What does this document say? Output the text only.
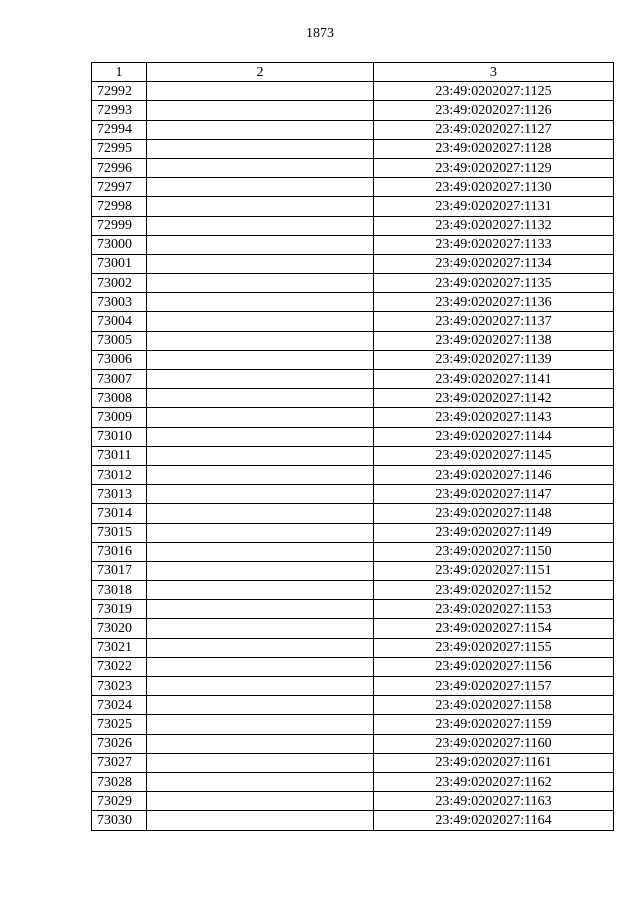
1873
1	2	3
72992		23:49:0202027:1125
72993		23:49:0202027:1126
72994		23:49:0202027:1127
72995		23:49:0202027:1128
72996		23:49:0202027:1129
72997		23:49:0202027:1130
72998		23:49:0202027:1131
72999		23:49:0202027:1132
73000		23:49:0202027:1133
73001		23:49:0202027:1134
73002		23:49:0202027:1135
73003		23:49:0202027:1136
73004		23:49:0202027:1137
73005		23:49:0202027:1138
73006		23:49:0202027:1139
73007		23:49:0202027:1141
73008		23:49:0202027:1142
73009		23:49:0202027:1143
73010		23:49:0202027:1144
73011		23:49:0202027:1145
73012		23:49:0202027:1146
73013		23:49:0202027:1147
73014		23:49:0202027:1148
73015		23:49:0202027:1149
73016		23:49:0202027:1150
73017		23:49:0202027:1151
73018		23:49:0202027:1152
73019		23:49:0202027:1153
73020		23:49:0202027:1154
73021		23:49:0202027:1155
73022		23:49:0202027:1156
73023		23:49:0202027:1157
73024		23:49:0202027:1158
73025		23:49:0202027:1159
73026		23:49:0202027:1160
73027		23:49:0202027:1161
73028		23:49:0202027:1162
73029		23:49:0202027:1163
73030		23:49:0202027:1164
